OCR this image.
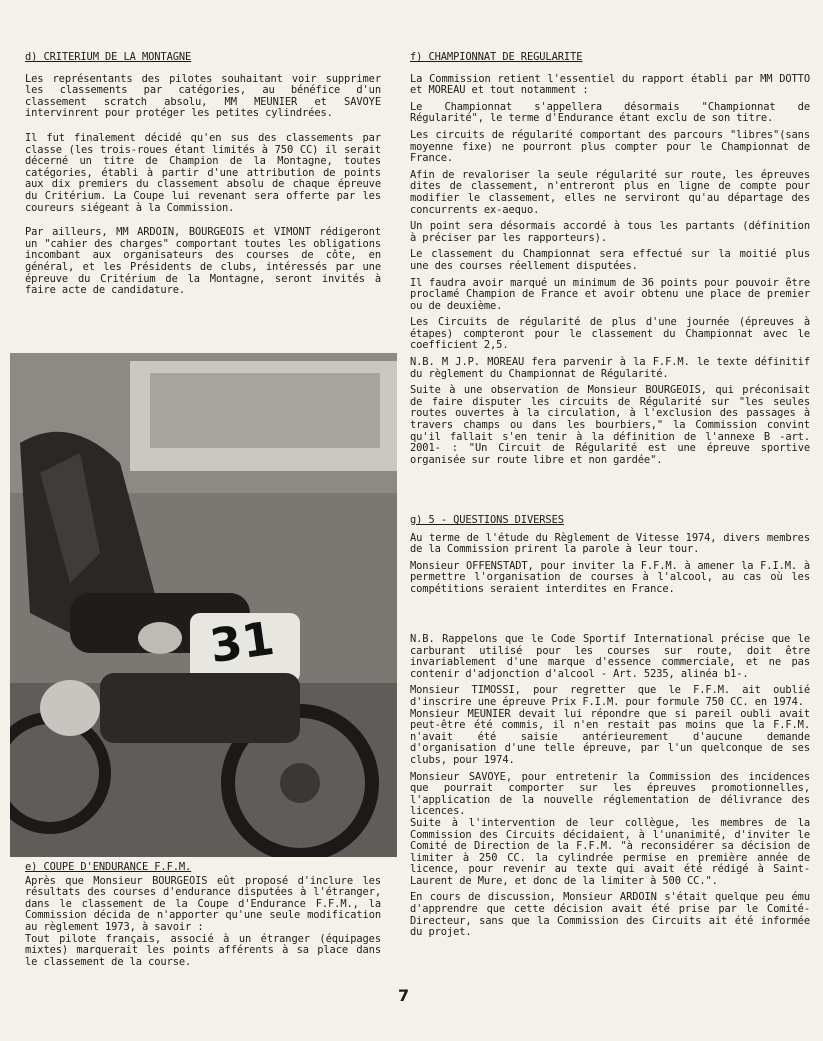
d) CRITERIUM DE LA MONTAGNE

Les représentants des pilotes souhaitant voir supprimer les classements par catégories, au bénéfice d'un classement scratch absolu, MM MEUNIER et SAVOYE intervinrent pour protéger les petites cylindrées.

Il fut finalement décidé qu'en sus des classements par classe (les trois-roues étant limités à 750 CC) il serait décerné un titre de Champion de la Montagne, toutes catégories, établi à partir d'une attribution de points aux dix premiers du classement absolu de chaque épreuve du Critérium. La Coupe lui revenant sera offerte par les coureurs siégeant à la Commission.

Par ailleurs, MM ARDOIN, BOURGEOIS et VIMONT rédigeront un "cahier des charges" comportant toutes les obligations incombant aux organisateurs des courses de côte, en général, et les Présidents de clubs, intéressés par une épreuve du Critérium de la Montagne, seront invités à faire acte de candidature.

31

e) COUPE D'ENDURANCE F.F.M.

Après que Monsieur BOURGEOIS eût proposé d'inclure les résultats des courses d'endurance disputées à l'étranger, dans le classement de la Coupe d'Endurance F.F.M., la Commission décida de n'apporter qu'une seule modification au règlement 1973, à savoir :

Tout pilote français, associé à un étranger (équipages mixtes) marquerait les points afférents à sa place dans le classement de la course.

f) CHAMPIONNAT DE REGULARITE

La Commission retient l'essentiel du rapport établi par MM DOTTO et MOREAU et tout notamment :

Le Championnat s'appellera désormais "Championnat de Régularité", le terme d'Endurance étant exclu de son titre.

Les circuits de régularité comportant des parcours "libres"(sans moyenne fixe) ne pourront plus compter pour le Championnat de France.

Afin de revaloriser la seule régularité sur route, les épreuves dites de classement, n'entreront plus en ligne de compte pour modifier le classement, elles ne serviront qu'au départage des concurrents ex-aequo.

Un point sera désormais accordé à tous les partants (définition à préciser par les rapporteurs).

Le classement du Championnat sera effectué sur la moitié plus une des courses réellement disputées.

Il faudra avoir marqué un minimum de 36 points pour pouvoir être proclamé Champion de France et avoir obtenu une place de premier ou de deuxième.

Les Circuits de régularité de plus d'une journée (épreuves à étapes) compteront pour le classement du Championnat avec le coefficient 2,5.

N.B. M J.P. MOREAU fera parvenir à la F.F.M. le texte définitif du règlement du Championnat de Régularité.

Suite à une observation de Monsieur BOURGEOIS, qui préconisait de faire disputer les circuits de Régularité sur "les seules routes ouvertes à la circulation, à l'exclusion des passages à travers champs ou dans les bourbiers," la Commission convint qu'il fallait s'en tenir à la définition de l'annexe B -art. 2001- : "Un Circuit de Régularité est une épreuve sportive organisée sur route libre et non gardée".

g) 5 - QUESTIONS DIVERSES

Au terme de l'étude du Règlement de Vitesse 1974, divers membres de la Commission prirent la parole à leur tour.

Monsieur OFFENSTADT, pour inviter la F.F.M. à amener la F.I.M. à permettre l'organisation de courses à l'alcool, au cas où les compétitions seraient interdites en France.

N.B. Rappelons que le Code Sportif International précise que le carburant utilisé pour les courses sur route, doit être invariablement d'une marque d'essence commerciale, et ne pas contenir d'adjonction d'alcool - Art. 5235, alinéa b1-.

Monsieur TIMOSSI, pour regretter que le F.F.M. ait oublié d'inscrire une épreuve Prix F.I.M. pour formule 750 CC. en 1974.

Monsieur MEUNIER devait lui répondre que si pareil oubli avait peut-être été commis, il n'en restait pas moins que la F.F.M. n'avait été saisie antérieurement d'aucune demande d'organisation d'une telle épreuve, par l'un quelconque de ses clubs, pour 1974.

Monsieur SAVOYE, pour entretenir la Commission des incidences que pourrait comporter sur les épreuves promotionnelles, l'application de la nouvelle réglementation de délivrance des licences.

Suite à l'intervention de leur collègue, les membres de la Commission des Circuits décidaient, à l'unanimité, d'inviter le Comité de Direction de la F.F.M. "à reconsidérer sa décision de limiter à 250 CC. la cylindrée permise en première année de licence, pour revenir au texte qui avait été rédigé à Saint-Laurent de Mure, et donc de la limiter à 500 CC.".

En cours de discussion, Monsieur ARDOIN s'était quelque peu ému d'apprendre que cette décision avait été prise par le Comité-Directeur, sans que la Commission des Circuits ait été informée du projet.

7
